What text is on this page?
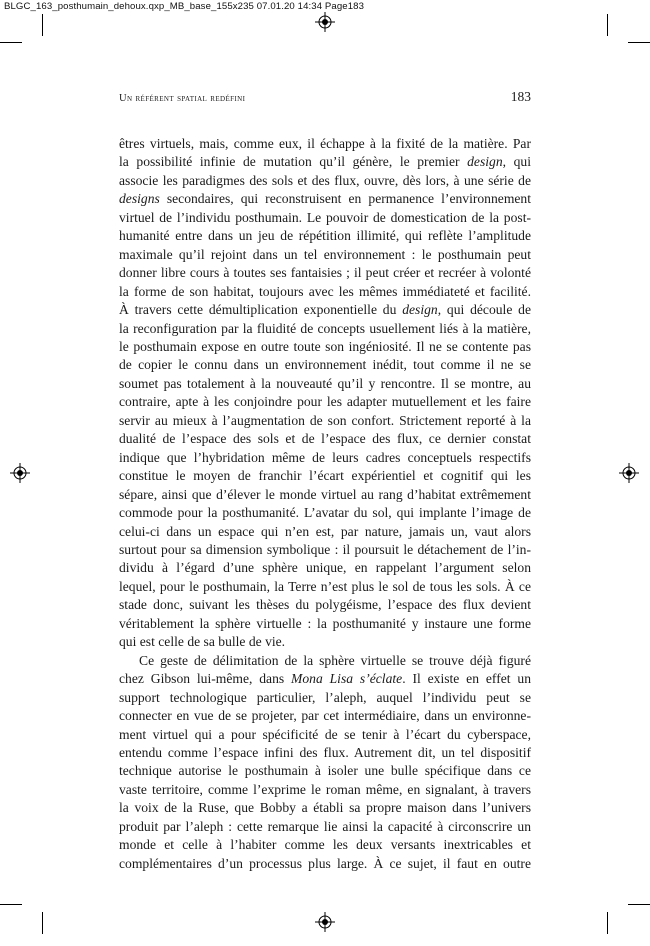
BLGC_163_posthumain_dehoux.qxp_MB_base_155x235 07.01.20 14:34 Page183
Un référent spatial redéfini	183
êtres virtuels, mais, comme eux, il échappe à la fixité de la matière. Par
la possibilité infinie de mutation qu’il génère, le premier design, qui
associe les paradigmes des sols et des flux, ouvre, dès lors, à une série de
designs secondaires, qui reconstruisent en permanence l’environnement
virtuel de l’individu posthumain. Le pouvoir de domestication de la post-
humanité entre dans un jeu de répétition illimité, qui reflète l’amplitude
maximale qu’il rejoint dans un tel environnement : le posthumain peut
donner libre cours à toutes ses fantaisies ; il peut créer et recréer à volonté
la forme de son habitat, toujours avec les mêmes immédiateté et facilité.
À travers cette démultiplication exponentielle du design, qui découle de
la reconfiguration par la fluidité de concepts usuellement liés à la matière,
le posthumain expose en outre toute son ingéniosité. Il ne se contente pas
de copier le connu dans un environnement inédit, tout comme il ne se
soumet pas totalement à la nouveauté qu’il y rencontre. Il se montre, au
contraire, apte à les conjoindre pour les adapter mutuellement et les faire
servir au mieux à l’augmentation de son confort. Strictement reporté à la
dualité de l’espace des sols et de l’espace des flux, ce dernier constat
indique que l’hybridation même de leurs cadres conceptuels respectifs
constitue le moyen de franchir l’écart expérientiel et cognitif qui les
sépare, ainsi que d’élever le monde virtuel au rang d’habitat extrêmement
commode pour la posthumanité. L’avatar du sol, qui implante l’image de
celui-ci dans un espace qui n’en est, par nature, jamais un, vaut alors
surtout pour sa dimension symbolique : il poursuit le détachement de l’in-
dividu à l’égard d’une sphère unique, en rappelant l’argument selon
lequel, pour le posthumain, la Terre n’est plus le sol de tous les sols. À ce
stade donc, suivant les thèses du polygéisme, l’espace des flux devient
véritablement la sphère virtuelle : la posthumanité y instaure une forme
qui est celle de sa bulle de vie.
Ce geste de délimitation de la sphère virtuelle se trouve déjà figuré
chez Gibson lui-même, dans Mona Lisa s’éclate. Il existe en effet un
support technologique particulier, l’aleph, auquel l’individu peut se
connecter en vue de se projeter, par cet intermédiaire, dans un environne-
ment virtuel qui a pour spécificité de se tenir à l’écart du cyberspace,
entendu comme l’espace infini des flux. Autrement dit, un tel dispositif
technique autorise le posthumain à isoler une bulle spécifique dans ce
vaste territoire, comme l’exprime le roman même, en signalant, à travers
la voix de la Ruse, que Bobby a établi sa propre maison dans l’univers
produit par l’aleph : cette remarque lie ainsi la capacité à circonscrire un
monde et celle à l’habiter comme les deux versants inextricables et
complémentaires d’un processus plus large. À ce sujet, il faut en outre
